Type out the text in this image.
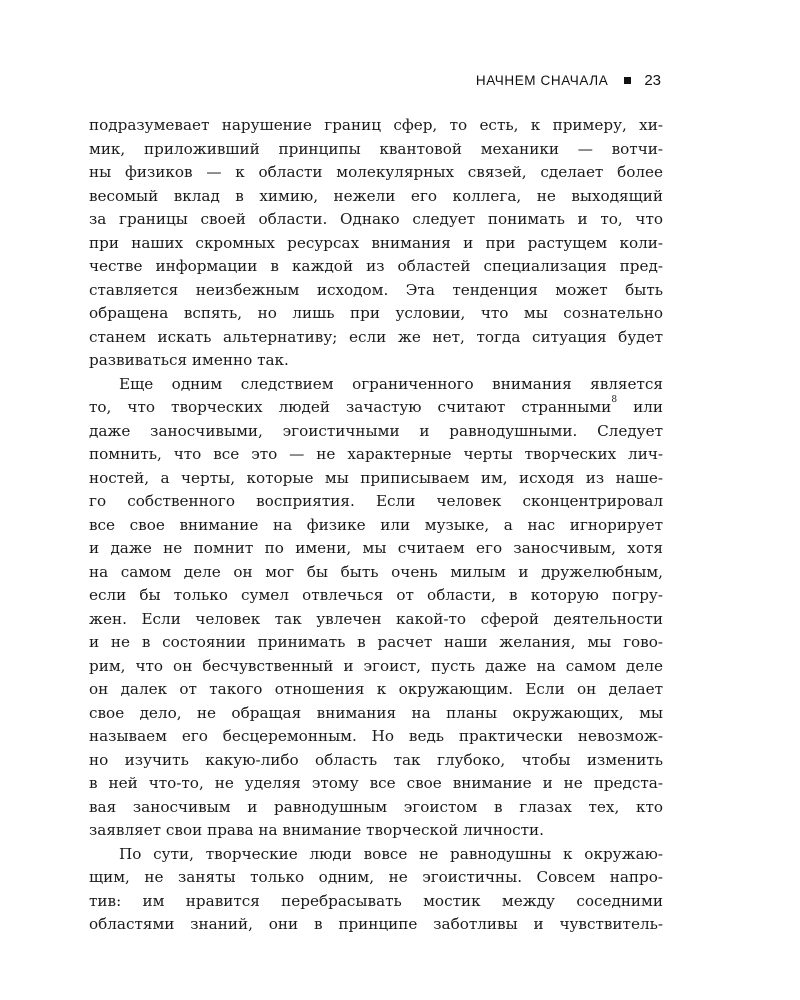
НАЧНЕМ СНАЧАЛА 23
подразумевает нарушение границ сфер, то есть, к примеру, хи-
мик, приложивший принципы квантовой механики — вотчи-
ны физиков — к области молекулярных связей, сделает более
весомый вклад в химию, нежели его коллега, не выходящий
за границы своей области. Однако следует понимать и то, что
при наших скромных ресурсах внимания и при растущем коли-
честве информации в каждой из областей специализация пред-
ставляется неизбежным исходом. Эта тенденция может быть
обращена вспять, но лишь при условии, что мы сознательно
станем искать альтернативу; если же нет, тогда ситуация будет
развиваться именно так.
Еще одним следствием ограниченного внимания является
то, что творческих людей зачастую считают странными$^8$ или
даже заносчивыми, эгоистичными и равнодушными. Следует
помнить, что все это — не характерные черты творческих лич-
ностей, а черты, которые мы приписываем им, исходя из наше-
го собственного восприятия. Если человек сконцентрировал
все свое внимание на физике или музыке, а нас игнорирует
и даже не помнит по имени, мы считаем его заносчивым, хотя
на самом деле он мог бы быть очень милым и дружелюбным,
если бы только сумел отвлечься от области, в которую погру-
жен. Если человек так увлечен какой-то сферой деятельности
и не в состоянии принимать в расчет наши желания, мы гово-
рим, что он бесчувственный и эгоист, пусть даже на самом деле
он далек от такого отношения к окружающим. Если он делает
свое дело, не обращая внимания на планы окружающих, мы
называем его бесцеремонным. Но ведь практически невозмож-
но изучить какую-либо область так глубоко, чтобы изменить
в ней что-то, не уделяя этому все свое внимание и не предста-
вая заносчивым и равнодушным эгоистом в глазах тех, кто
заявляет свои права на внимание творческой личности.
По сути, творческие люди вовсе не равнодушны к окружаю-
щим, не заняты только одним, не эгоистичны. Совсем напро-
тив: им нравится перебрасывать мостик между соседними
областями знаний, они в принципе заботливы и чувствитель-
